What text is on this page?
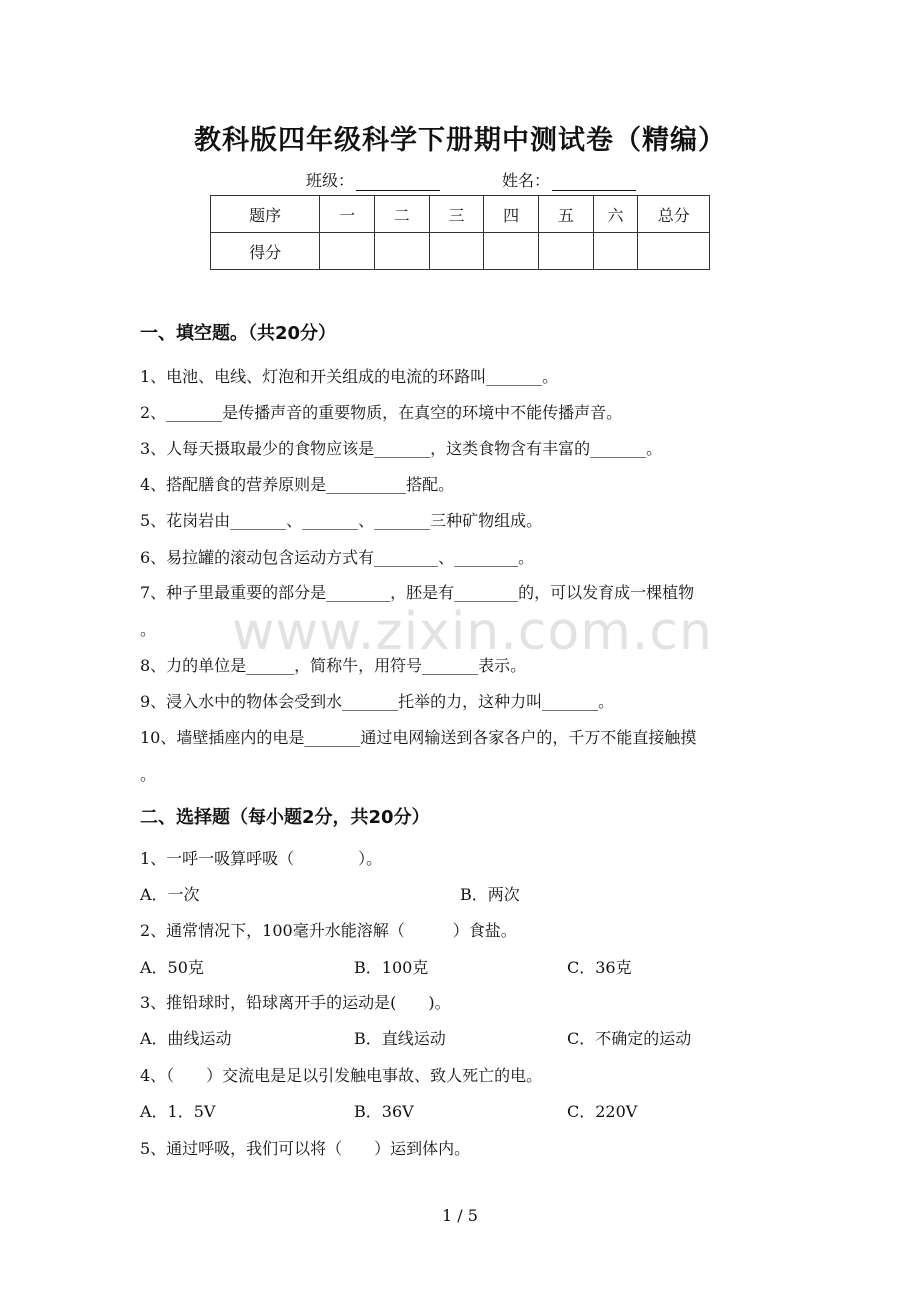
教科版四年级科学下册期中测试卷（精编）
班级：	姓名：
题序	一	二	三	四	五	六	总分
得分							
一、填空题。（共20分）

1、电池、电线、灯泡和开关组成的电流的环路叫_______。

2、_______是传播声音的重要物质，在真空的环境中不能传播声音。

3、人每天摄取最少的食物应该是_______，这类食物含有丰富的_______。

4、搭配膳食的营养原则是__________搭配。

5、花岗岩由_______、_______、_______三种矿物组成。

6、易拉罐的滚动包含运动方式有________、________。

7、种子里最重要的部分是________，胚是有________的，可以发育成一棵植物

。

8、力的单位是______，简称牛，用符号_______表示。

9、浸入水中的物体会受到水_______托举的力，这种力叫_______。

10、墙壁插座内的电是_______通过电网输送到各家各户的，千万不能直接触摸

。

二、选择题（每小题2分，共20分）

1、一呼一吸算呼吸（　　　　）。

A．一次	B．两次

2、通常情况下，100毫升水能溶解（　　　）食盐。

A．50克	B．100克	C．36克

3、推铅球时，铅球离开手的运动是(　　)。

A．曲线运动	B．直线运动	C．不确定的运动

4、（　　）交流电是足以引发触电事故、致人死亡的电。

A．1．5V	B．36V	C．220V

5、通过呼吸，我们可以将（　　）运到体内。

www.zixin.com.cn
1 / 5
